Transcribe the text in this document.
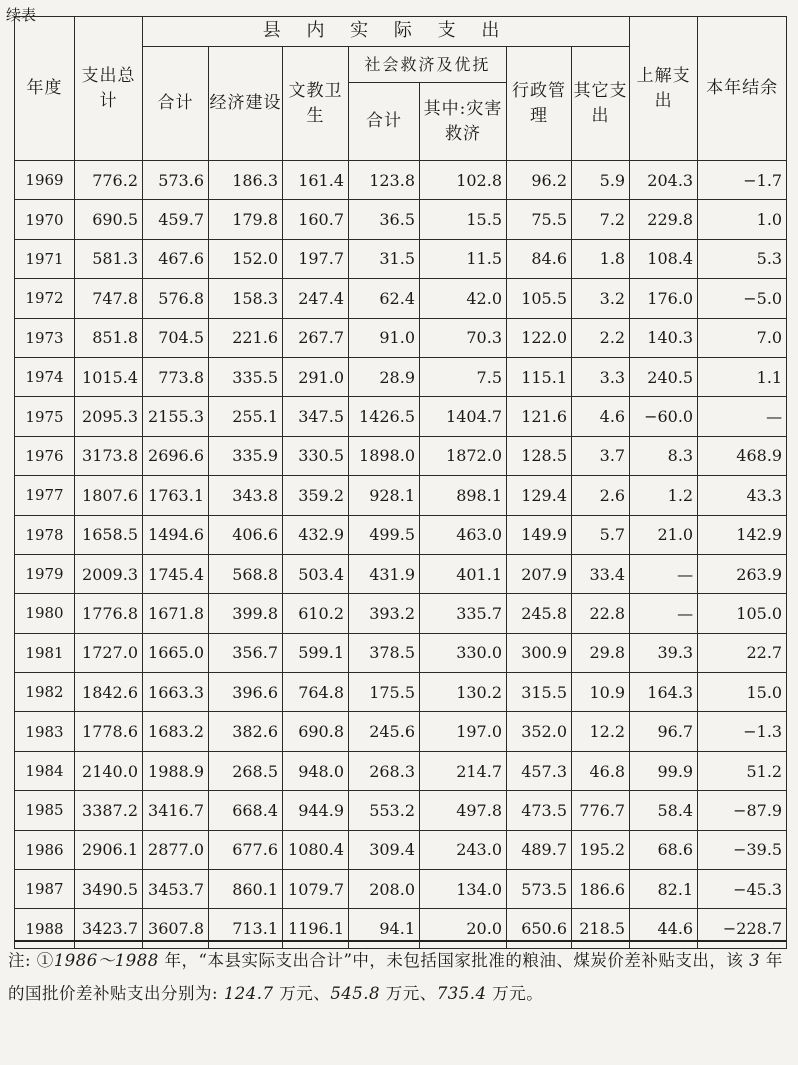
续表
年度	支出总计	县 内 实 际 支 出							上解支出	本年结余
		合计	经济建设	文教卫生	社会救济及优抚		行政管理	其它支出		
					合计	其中:灾害救济				
1969	776.2	573.6	186.3	161.4	123.8	102.8	96.2	5.9	204.3	−1.7
1970	690.5	459.7	179.8	160.7	36.5	15.5	75.5	7.2	229.8	1.0
1971	581.3	467.6	152.0	197.7	31.5	11.5	84.6	1.8	108.4	5.3
1972	747.8	576.8	158.3	247.4	62.4	42.0	105.5	3.2	176.0	−5.0
1973	851.8	704.5	221.6	267.7	91.0	70.3	122.0	2.2	140.3	7.0
1974	1015.4	773.8	335.5	291.0	28.9	7.5	115.1	3.3	240.5	1.1
1975	2095.3	2155.3	255.1	347.5	1426.5	1404.7	121.6	4.6	−60.0	—
1976	3173.8	2696.6	335.9	330.5	1898.0	1872.0	128.5	3.7	8.3	468.9
1977	1807.6	1763.1	343.8	359.2	928.1	898.1	129.4	2.6	1.2	43.3
1978	1658.5	1494.6	406.6	432.9	499.5	463.0	149.9	5.7	21.0	142.9
1979	2009.3	1745.4	568.8	503.4	431.9	401.1	207.9	33.4	—	263.9
1980	1776.8	1671.8	399.8	610.2	393.2	335.7	245.8	22.8	—	105.0
1981	1727.0	1665.0	356.7	599.1	378.5	330.0	300.9	29.8	39.3	22.7
1982	1842.6	1663.3	396.6	764.8	175.5	130.2	315.5	10.9	164.3	15.0
1983	1778.6	1683.2	382.6	690.8	245.6	197.0	352.0	12.2	96.7	−1.3
1984	2140.0	1988.9	268.5	948.0	268.3	214.7	457.3	46.8	99.9	51.2
1985	3387.2	3416.7	668.4	944.9	553.2	497.8	473.5	776.7	58.4	−87.9
1986	2906.1	2877.0	677.6	1080.4	309.4	243.0	489.7	195.2	68.6	−39.5
1987	3490.5	3453.7	860.1	1079.7	208.0	134.0	573.5	186.6	82.1	−45.3
1988	3423.7	3607.8	713.1	1196.1	94.1	20.0	650.6	218.5	44.6	−228.7
注: ①1986～1988 年，“本县实际支出合计”中，未包括国家批准的粮油、煤炭价差补贴支出，该 3 年的国批价差补贴支出分别为: 124.7 万元、545.8 万元、735.4 万元。
